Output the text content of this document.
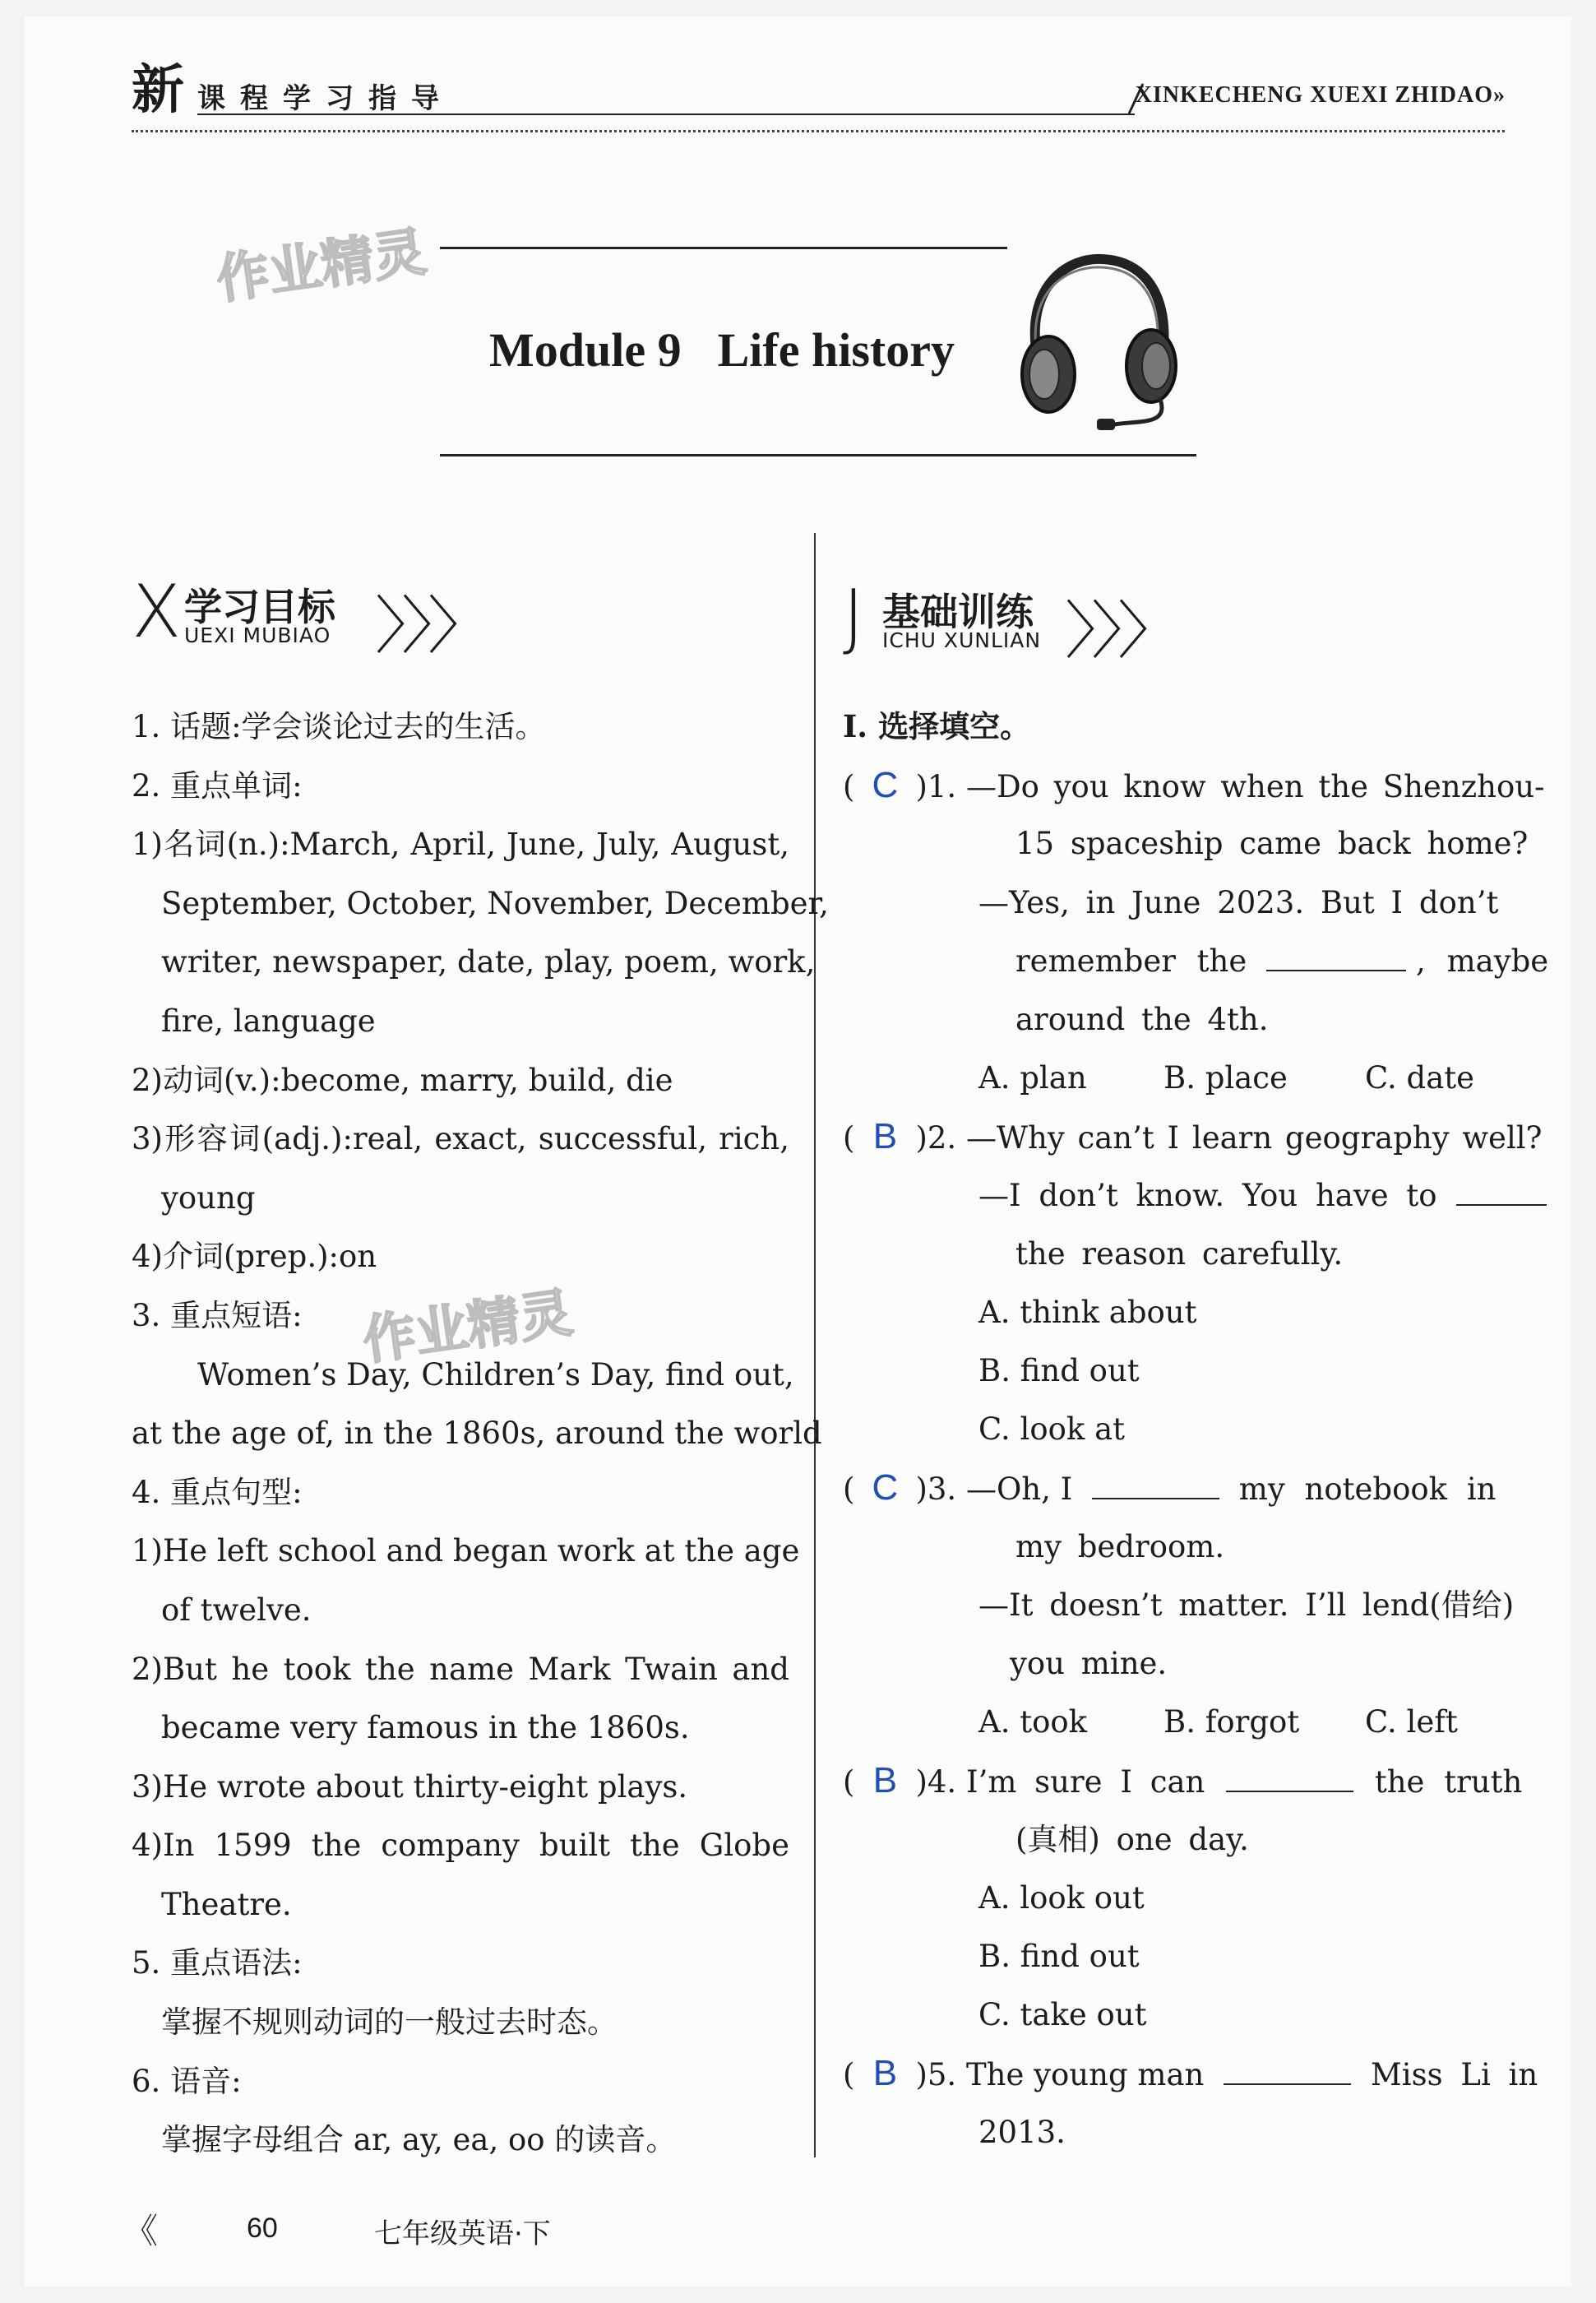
新 课程学习指导	XINKECHENG XUEXI ZHIDAO»
作业精灵
作业精灵
Module 9 Life history
X 学习目标
UEXI MUBIAO 〉〉〉
1. 话题:学会谈论过去的生活。
2. 重点单词:
1)名词(n.):March, April, June, July, August,
September, October, November, December,
writer, newspaper, date, play, poem, work,
fire, language
2)动词(v.):become, marry, build, die
3)形容词(adj.):real, exact, successful, rich,
young
4)介词(prep.):on
3. 重点短语:
Women’s Day, Children’s Day, find out,
at the age of, in the 1860s, around the world
4. 重点句型:
1)He left school and began work at the age
of twelve.
2)But he took the name Mark Twain and
became very famous in the 1860s.
3)He wrote about thirty-eight plays.
4)In 1599 the company built the Globe
Theatre.
5. 重点语法:
掌握不规则动词的一般过去时态。
6. 语音:
掌握字母组合 ar, ay, ea, oo 的读音。
J 基础训练
ICHU XUNLIAN 〉〉〉
Ⅰ. 选择填空。
( C )1. —Do you know when the Shenzhou-
15 spaceship came back home?
—Yes, in June 2023. But I don’t
remember the	, maybe
around the 4th.
A. plan	B. place	C. date
( B )2. —Why can’t I learn geography well?
—I don’t know. You have to
the reason carefully.
A. think about
B. find out
C. look at
( C )3. —Oh, I	my notebook in
my bedroom.
—It doesn’t matter. I’ll lend(借给)
you mine.
A. took	B. forgot C. left
( B )4. I’m sure I can	the truth
(真相) one day.
A. look out
B. find out
C. take out
( B )5. The young man	Miss Li in
2013.
《	60	七年级英语·下
